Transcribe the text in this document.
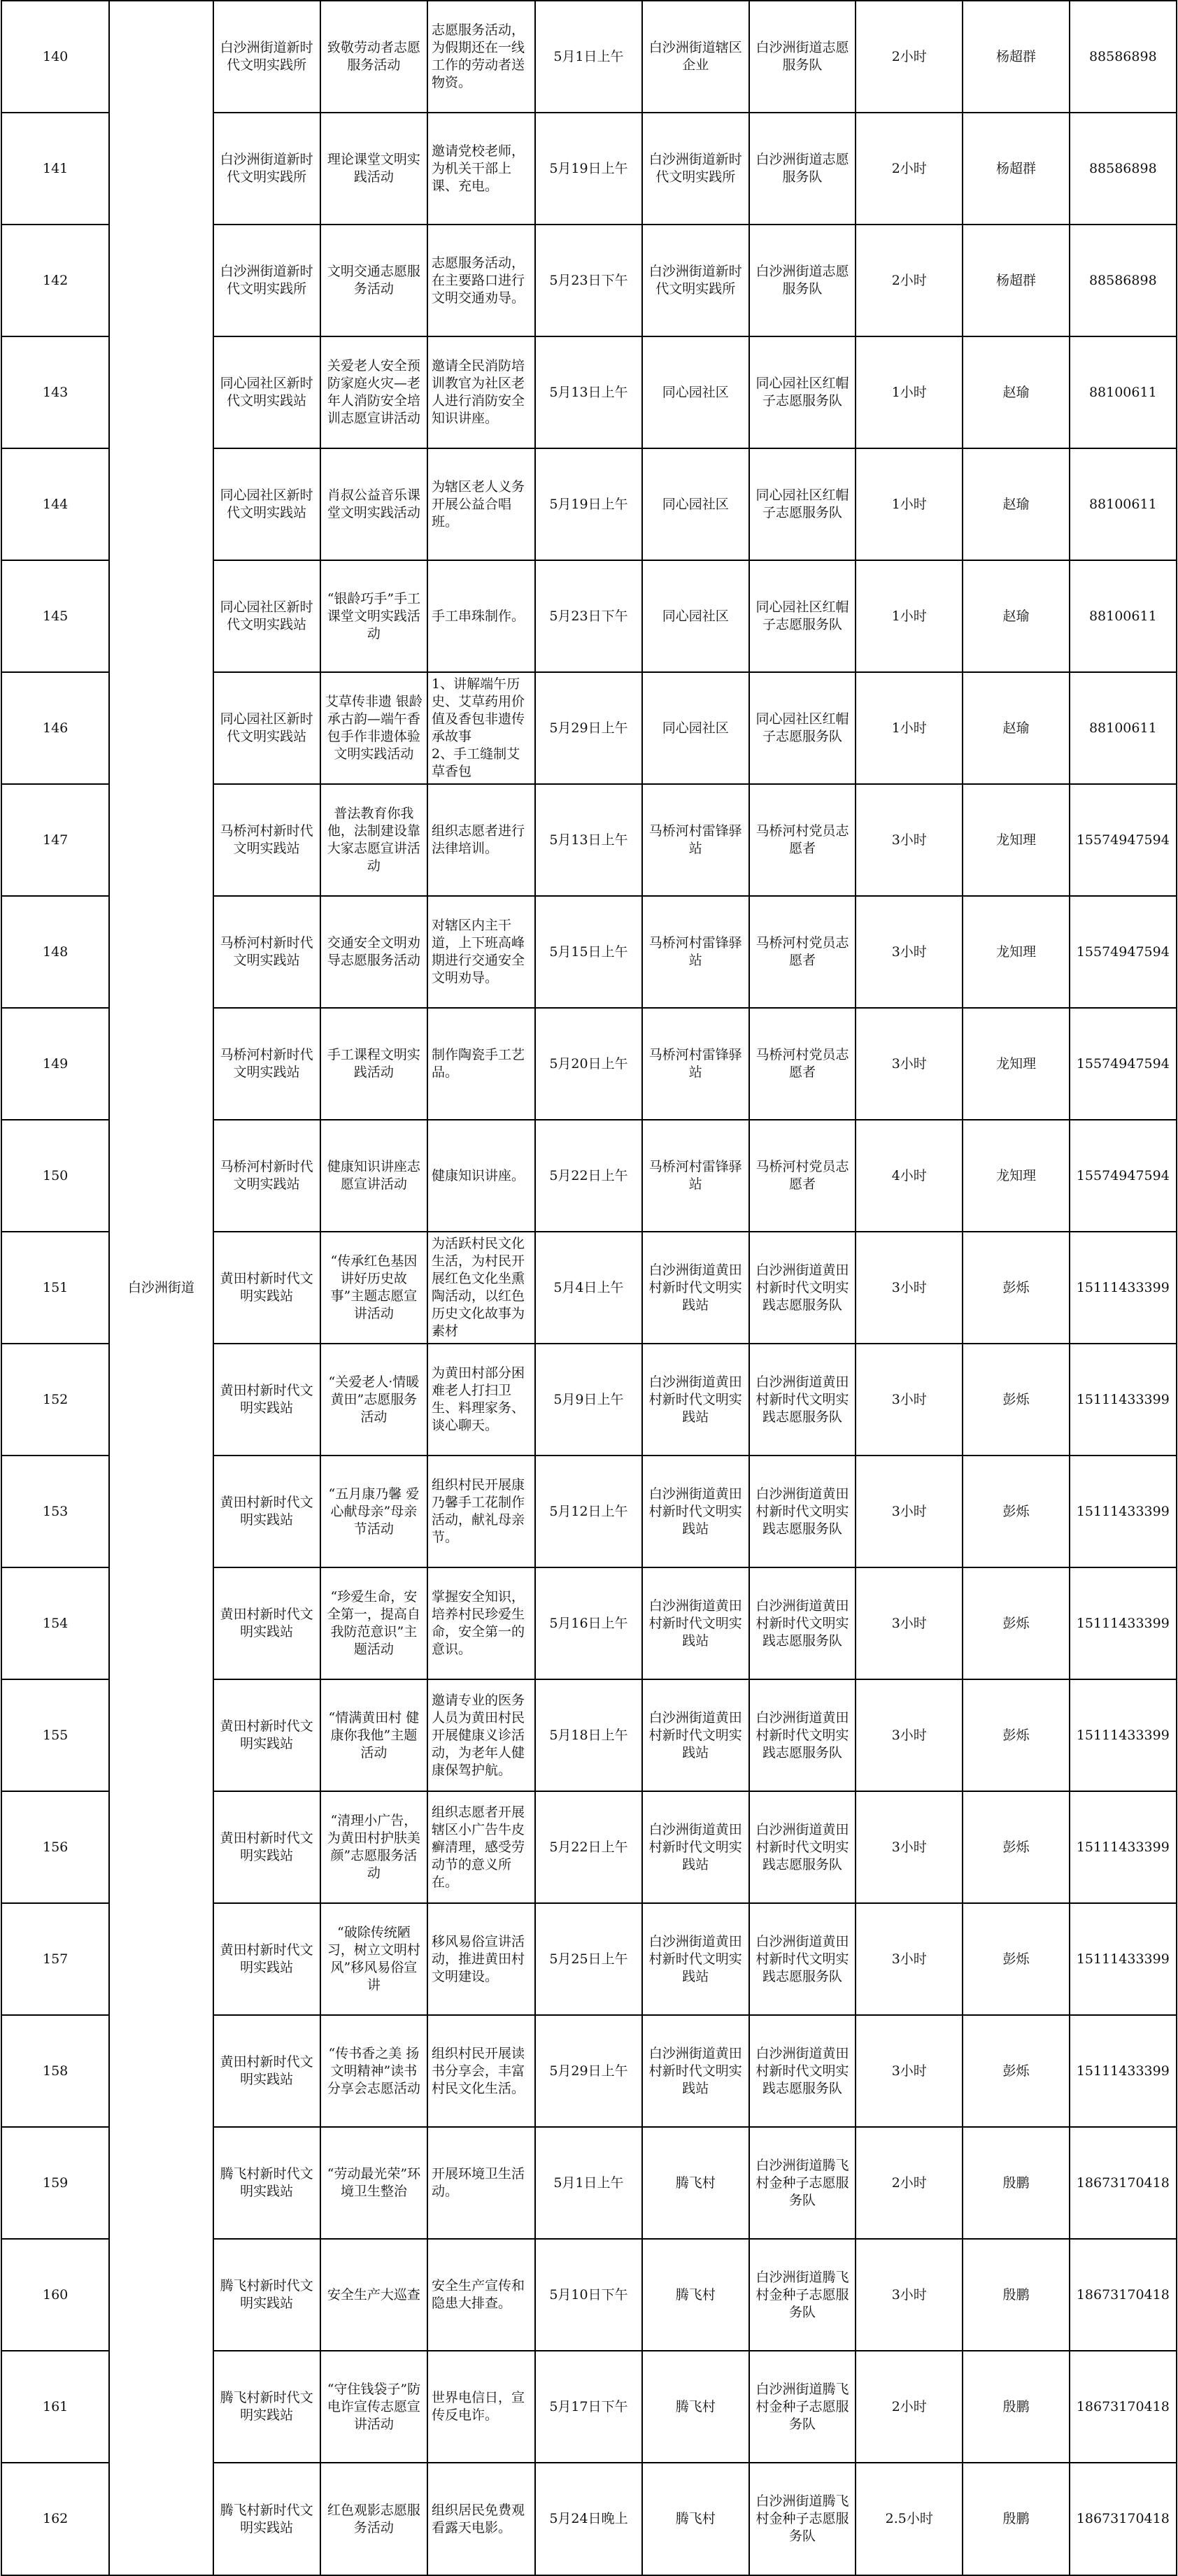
140	白沙洲街道	白沙洲街道新时代文明实践所	致敬劳动者志愿服务活动	志愿服务活动，为假期还在一线工作的劳动者送物资。	5月1日上午	白沙洲街道辖区企业	白沙洲街道志愿服务队	2小时	杨超群	88586898

141		白沙洲街道新时代文明实践所	理论课堂文明实践活动	邀请党校老师，为机关干部上课、充电。	5月19日上午	白沙洲街道新时代文明实践所	白沙洲街道志愿服务队	2小时	杨超群	88586898

142		白沙洲街道新时代文明实践所	文明交通志愿服务活动	志愿服务活动，在主要路口进行文明交通劝导。	5月23日下午	白沙洲街道新时代文明实践所	白沙洲街道志愿服务队	2小时	杨超群	88586898

143		同心园社区新时代文明实践站	关爱老人安全预防家庭火灾—老年人消防安全培训志愿宣讲活动	邀请全民消防培训教官为社区老人进行消防安全知识讲座。	5月13日上午	同心园社区	同心园社区红帽子志愿服务队	1小时	赵瑜	88100611

144		同心园社区新时代文明实践站	肖叔公益音乐课堂文明实践活动	为辖区老人义务开展公益合唱班。	5月19日上午	同心园社区	同心园社区红帽子志愿服务队	1小时	赵瑜	88100611

145		同心园社区新时代文明实践站	“银龄巧手”手工课堂文明实践活动	手工串珠制作。	5月23日下午	同心园社区	同心园社区红帽子志愿服务队	1小时	赵瑜	88100611

146		同心园社区新时代文明实践站	艾草传非遗 银龄承古韵—端午香包手作非遗体验文明实践活动	1、讲解端午历史、艾草药用价值及香包非遗传承故事
2、手工缝制艾草香包	5月29日上午	同心园社区	同心园社区红帽子志愿服务队	1小时	赵瑜	88100611

147		马桥河村新时代文明实践站	普法教育你我他，法制建设靠大家志愿宣讲活动	组织志愿者进行法律培训。	5月13日上午	马桥河村雷锋驿站	马桥河村党员志愿者	3小时	龙知理	15574947594

148		马桥河村新时代文明实践站	交通安全文明劝导志愿服务活动	对辖区内主干道，上下班高峰期进行交通安全文明劝导。	5月15日上午	马桥河村雷锋驿站	马桥河村党员志愿者	3小时	龙知理	15574947594

149		马桥河村新时代文明实践站	手工课程文明实践活动	制作陶瓷手工艺品。	5月20日上午	马桥河村雷锋驿站	马桥河村党员志愿者	3小时	龙知理	15574947594

150		马桥河村新时代文明实践站	健康知识讲座志愿宣讲活动	健康知识讲座。	5月22日上午	马桥河村雷锋驿站	马桥河村党员志愿者	4小时	龙知理	15574947594

151		黄田村新时代文明实践站	“传承红色基因 讲好历史故事”主题志愿宣讲活动	为活跃村民文化生活，为村民开展红色文化坐熏陶活动，以红色历史文化故事为素材	5月4日上午	白沙洲街道黄田村新时代文明实践站	白沙洲街道黄田村新时代文明实践志愿服务队	3小时	彭烁	15111433399

152		黄田村新时代文明实践站	“关爱老人·情暖黄田”志愿服务活动	为黄田村部分困难老人打扫卫生、料理家务、谈心聊天。	5月9日上午	白沙洲街道黄田村新时代文明实践站	白沙洲街道黄田村新时代文明实践志愿服务队	3小时	彭烁	15111433399

153		黄田村新时代文明实践站	“五月康乃馨 爱心献母亲”母亲节活动	组织村民开展康乃馨手工花制作活动，献礼母亲节。	5月12日上午	白沙洲街道黄田村新时代文明实践站	白沙洲街道黄田村新时代文明实践志愿服务队	3小时	彭烁	15111433399

154		黄田村新时代文明实践站	“珍爱生命，安全第一，提高自我防范意识”主题活动	掌握安全知识，培养村民珍爱生命，安全第一的意识。	5月16日上午	白沙洲街道黄田村新时代文明实践站	白沙洲街道黄田村新时代文明实践志愿服务队	3小时	彭烁	15111433399

155		黄田村新时代文明实践站	“情满黄田村 健康你我他”主题活动	邀请专业的医务人员为黄田村民开展健康义诊活动，为老年人健康保驾护航。	5月18日上午	白沙洲街道黄田村新时代文明实践站	白沙洲街道黄田村新时代文明实践志愿服务队	3小时	彭烁	15111433399

156		黄田村新时代文明实践站	“清理小广告，为黄田村护肤美颜”志愿服务活动	组织志愿者开展辖区小广告牛皮癣清理，感受劳动节的意义所在。	5月22日上午	白沙洲街道黄田村新时代文明实践站	白沙洲街道黄田村新时代文明实践志愿服务队	3小时	彭烁	15111433399

157		黄田村新时代文明实践站	“破除传统陋习，树立文明村风”移风易俗宣讲	移风易俗宣讲活动，推进黄田村文明建设。	5月25日上午	白沙洲街道黄田村新时代文明实践站	白沙洲街道黄田村新时代文明实践志愿服务队	3小时	彭烁	15111433399

158		黄田村新时代文明实践站	“传书香之美 扬文明精神”读书分享会志愿活动	组织村民开展读书分享会，丰富村民文化生活。	5月29日上午	白沙洲街道黄田村新时代文明实践站	白沙洲街道黄田村新时代文明实践志愿服务队	3小时	彭烁	15111433399

159		腾飞村新时代文明实践站	“劳动最光荣”环境卫生整治	开展环境卫生活动。	5月1日上午	腾飞村	白沙洲街道腾飞村金种子志愿服务队	2小时	殷鹏	18673170418

160		腾飞村新时代文明实践站	安全生产大巡查	安全生产宣传和隐患大排查。	5月10日下午	腾飞村	白沙洲街道腾飞村金种子志愿服务队	3小时	殷鹏	18673170418

161		腾飞村新时代文明实践站	“守住钱袋子”防电诈宣传志愿宣讲活动	世界电信日，宣传反电诈。	5月17日下午	腾飞村	白沙洲街道腾飞村金种子志愿服务队	2小时	殷鹏	18673170418

162		腾飞村新时代文明实践站	红色观影志愿服务活动	组织居民免费观看露天电影。	5月24日晚上	腾飞村	白沙洲街道腾飞村金种子志愿服务队	2.5小时	殷鹏	18673170418
